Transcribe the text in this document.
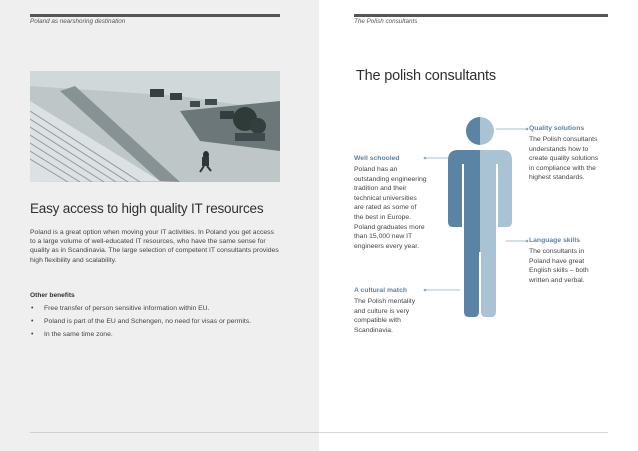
Poland as nearshoring destination	The Polish consultants
Easy access to high quality IT resources
Poland is a great option when moving your IT activities. In Poland you get access to a large volume of well-educated IT resources, who have the same sense for quality as in Scandinavia. The large selection of competent IT consultants provides high flexibility and scalability.
Other benefits
• Free transfer of person sensitive information within EU.
• Poland is part of the EU and Schengen, no need for visas or permits.
• In the same time zone.
The polish consultants
Quality solutions
The Polish consultants
understands how to
create quality solutions
in compliance with the
highest standards.
Well schooled
Poland has an
outstanding engineering
tradition and their
technical universities
are rated as some of
the best in Europe.
Poland graduates more
than 15,000 new IT
engineers every year.
Language skills
The consultants in
Poland have great
English skills – both
written and verbal.
A cultural match
The Polish mentality
and culture is very
compatible with
Scandinavia.
